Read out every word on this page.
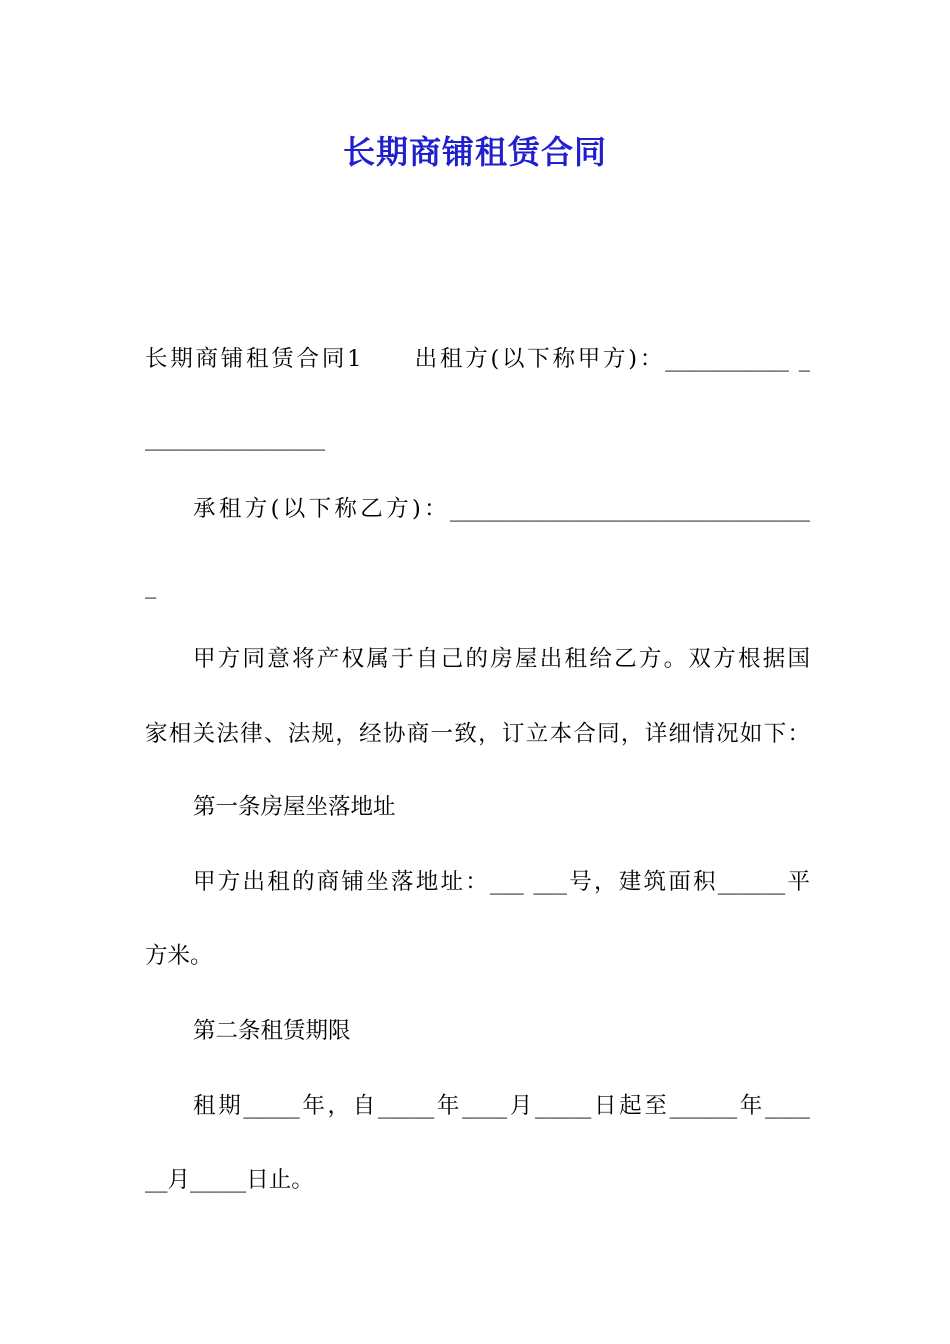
长期商铺租赁合同
长期商铺租赁合同1　　出租方(以下称甲方)：___________ _
________________
承租方(以下称乙方)：________________________________
_
甲方同意将产权属于自己的房屋出租给乙方。双方根据国
家相关法律、法规，经协商一致，订立本合同，详细情况如下：
第一条房屋坐落地址
甲方出租的商铺坐落地址：___ ___号，建筑面积______平
方米。
第二条租赁期限
租期_____年，自_____年____月_____日起至______年____
__月_____日止。
